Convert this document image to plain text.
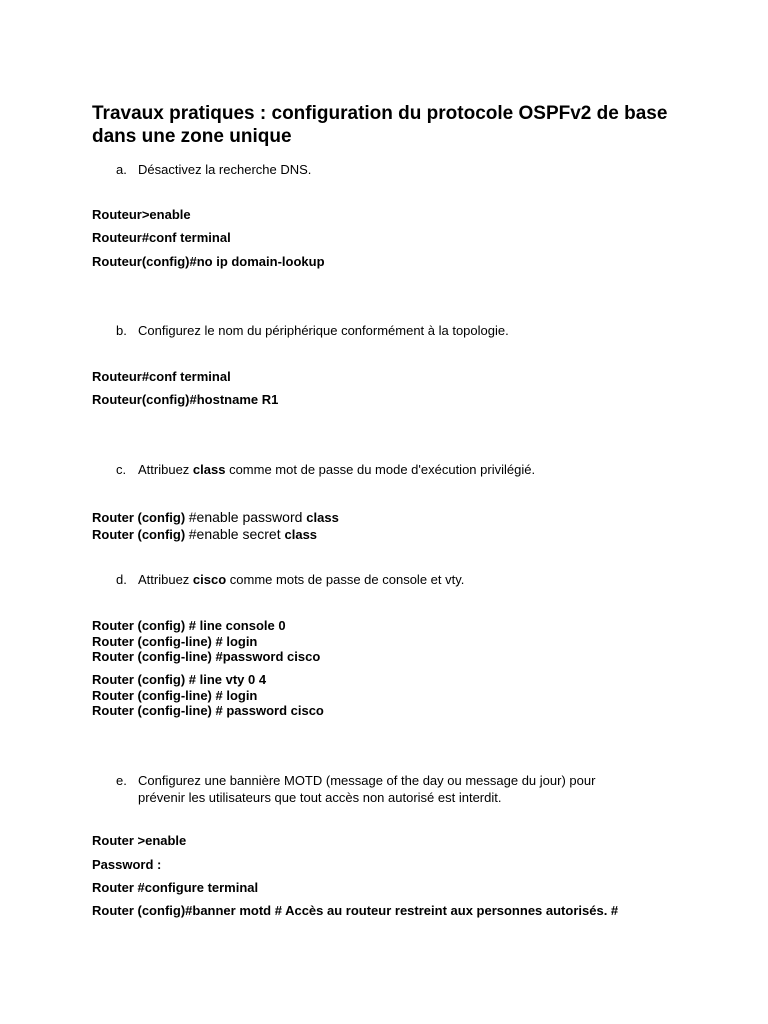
Travaux pratiques : configuration du protocole OSPFv2 de base dans une zone unique
a. Désactivez la recherche DNS.
Routeur>enable
Routeur#conf terminal
Routeur(config)#no ip domain-lookup
b. Configurez le nom du périphérique conformément à la topologie.
Routeur#conf terminal
Routeur(config)#hostname R1
c. Attribuez class comme mot de passe du mode d'exécution privilégié.
Router (config) #enable password class
Router (config) #enable secret class
d. Attribuez cisco comme mots de passe de console et vty.
Router (config) # line console 0
Router (config-line) # login
Router (config-line) #password cisco
Router (config) # line vty 0 4
Router (config-line) # login
Router (config-line) # password cisco
e. Configurez une bannière MOTD (message of the day ou message du jour) pour
prévenir les utilisateurs que tout accès non autorisé est interdit.
Router >enable
Password :
Router #configure terminal
Router (config)#banner motd # Accès au routeur restreint aux personnes autorisés. #
